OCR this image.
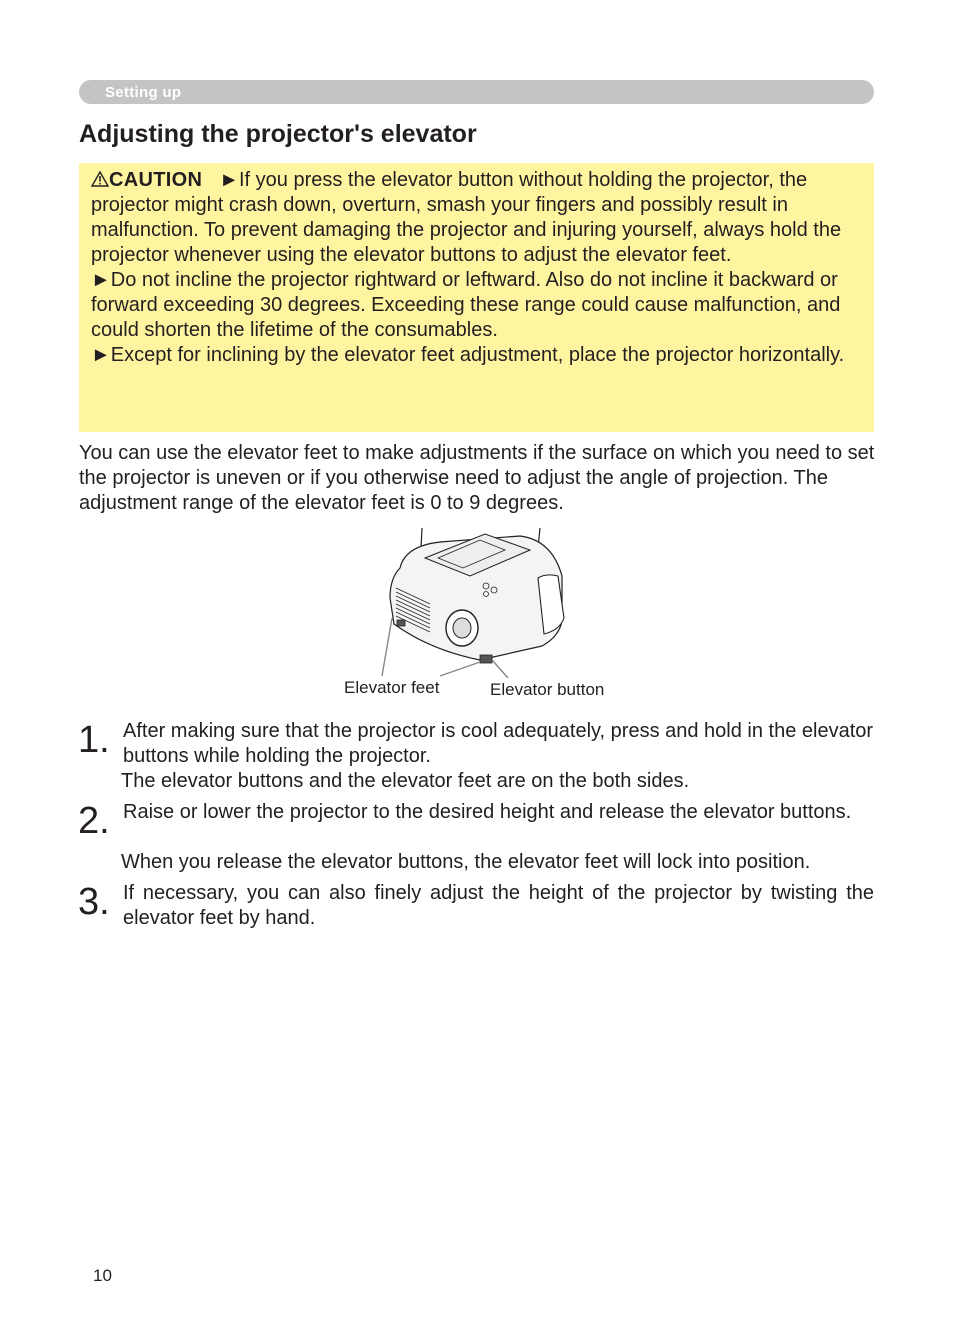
Setting up
Adjusting the projector's elevator
CAUTION ►If you press the elevator button without holding the projector, the projector might crash down, overturn, smash your fingers and possibly result in malfunction. To prevent damaging the projector and injuring yourself, always hold the projector whenever using the elevator buttons to adjust the elevator feet.
►Do not incline the projector rightward or leftward. Also do not incline it backward or forward exceeding 30 degrees. Exceeding these range could cause malfunction, and could shorten the lifetime of the consumables.
►Except for inclining by the elevator feet adjustment, place the projector horizontally.

You can use the elevator feet to make adjustments if the surface on which you need to set the projector is uneven or if you otherwise need to adjust the angle of projection. The adjustment range of the elevator feet is 0 to 9 degrees.

Elevator feet	Elevator button
1. After making sure that the projector is cool adequately, press and hold in the elevator buttons while holding the projector.

The elevator buttons and the elevator feet are on the both sides.

2. Raise or lower the projector to the desired height and release the elevator buttons.

When you release the elevator buttons, the elevator feet will lock into position.

3. If necessary, you can also finely adjust the height of the projector by twisting the elevator feet by hand.

10
